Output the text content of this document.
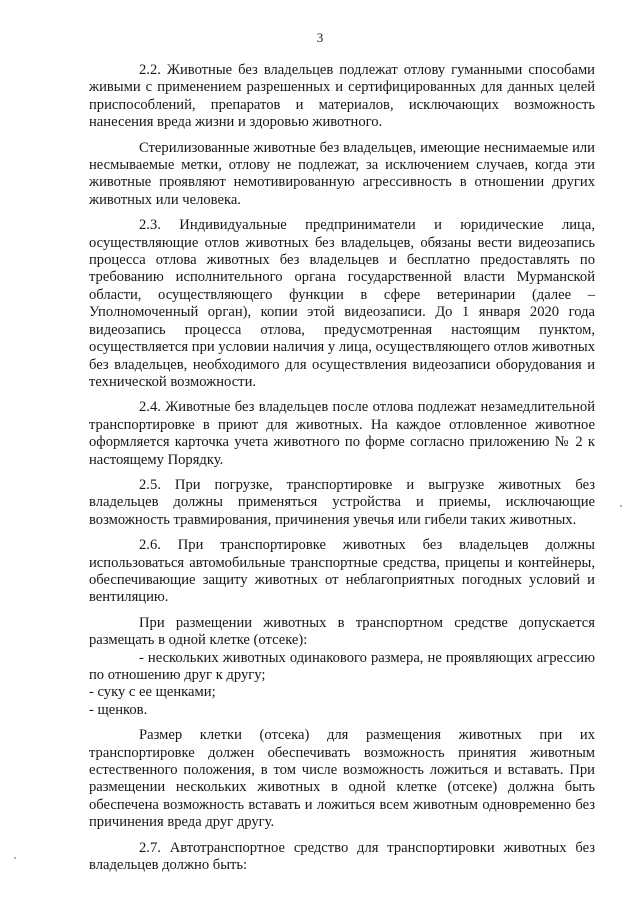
3

2.2. Животные без владельцев подлежат отлову гуманными способами живыми с применением разрешенных и сертифицированных для данных целей приспособлений, препаратов и материалов, исключающих возможность нанесения вреда жизни и здоровью животного.

Стерилизованные животные без владельцев, имеющие неснимаемые или несмываемые метки, отлову не подлежат, за исключением случаев, когда эти животные проявляют немотивированную агрессивность в отношении других животных или человека.

2.3. Индивидуальные предприниматели и юридические лица, осуществляющие отлов животных без владельцев, обязаны вести видеозапись процесса отлова животных без владельцев и бесплатно предоставлять по требованию исполнительного органа государственной власти Мурманской области, осуществляющего функции в сфере ветеринарии (далее – Уполномоченный орган), копии этой видеозаписи. До 1 января 2020 года видеозапись процесса отлова, предусмотренная настоящим пунктом, осуществляется при условии наличия у лица, осуществляющего отлов животных без владельцев, необходимого для осуществления видеозаписи оборудования и технической возможности.

2.4. Животные без владельцев после отлова подлежат незамедлительной транспортировке в приют для животных. На каждое отловленное животное оформляется карточка учета животного по форме согласно приложению № 2 к настоящему Порядку.

2.5. При погрузке, транспортировке и выгрузке животных без владельцев должны применяться устройства и приемы, исключающие возможность травмирования, причинения увечья или гибели таких животных.

2.6. При транспортировке животных без владельцев должны использоваться автомобильные транспортные средства, прицепы и контейнеры, обеспечивающие защиту животных от неблагоприятных погодных условий и вентиляцию.

При размещении животных в транспортном средстве допускается размещать в одной клетке (отсеке):

- нескольких животных одинакового размера, не проявляющих агрессию по отношению друг к другу;

- суку с ее щенками;

- щенков.

Размер клетки (отсека) для размещения животных при их транспортировке должен обеспечивать возможность принятия животным естественного положения, в том числе возможность ложиться и вставать. При размещении нескольких животных в одной клетке (отсеке) должна быть обеспечена возможность вставать и ложиться всем животным одновременно без причинения вреда друг другу.

2.7. Автотранспортное средство для транспортировки животных без владельцев должно быть:
